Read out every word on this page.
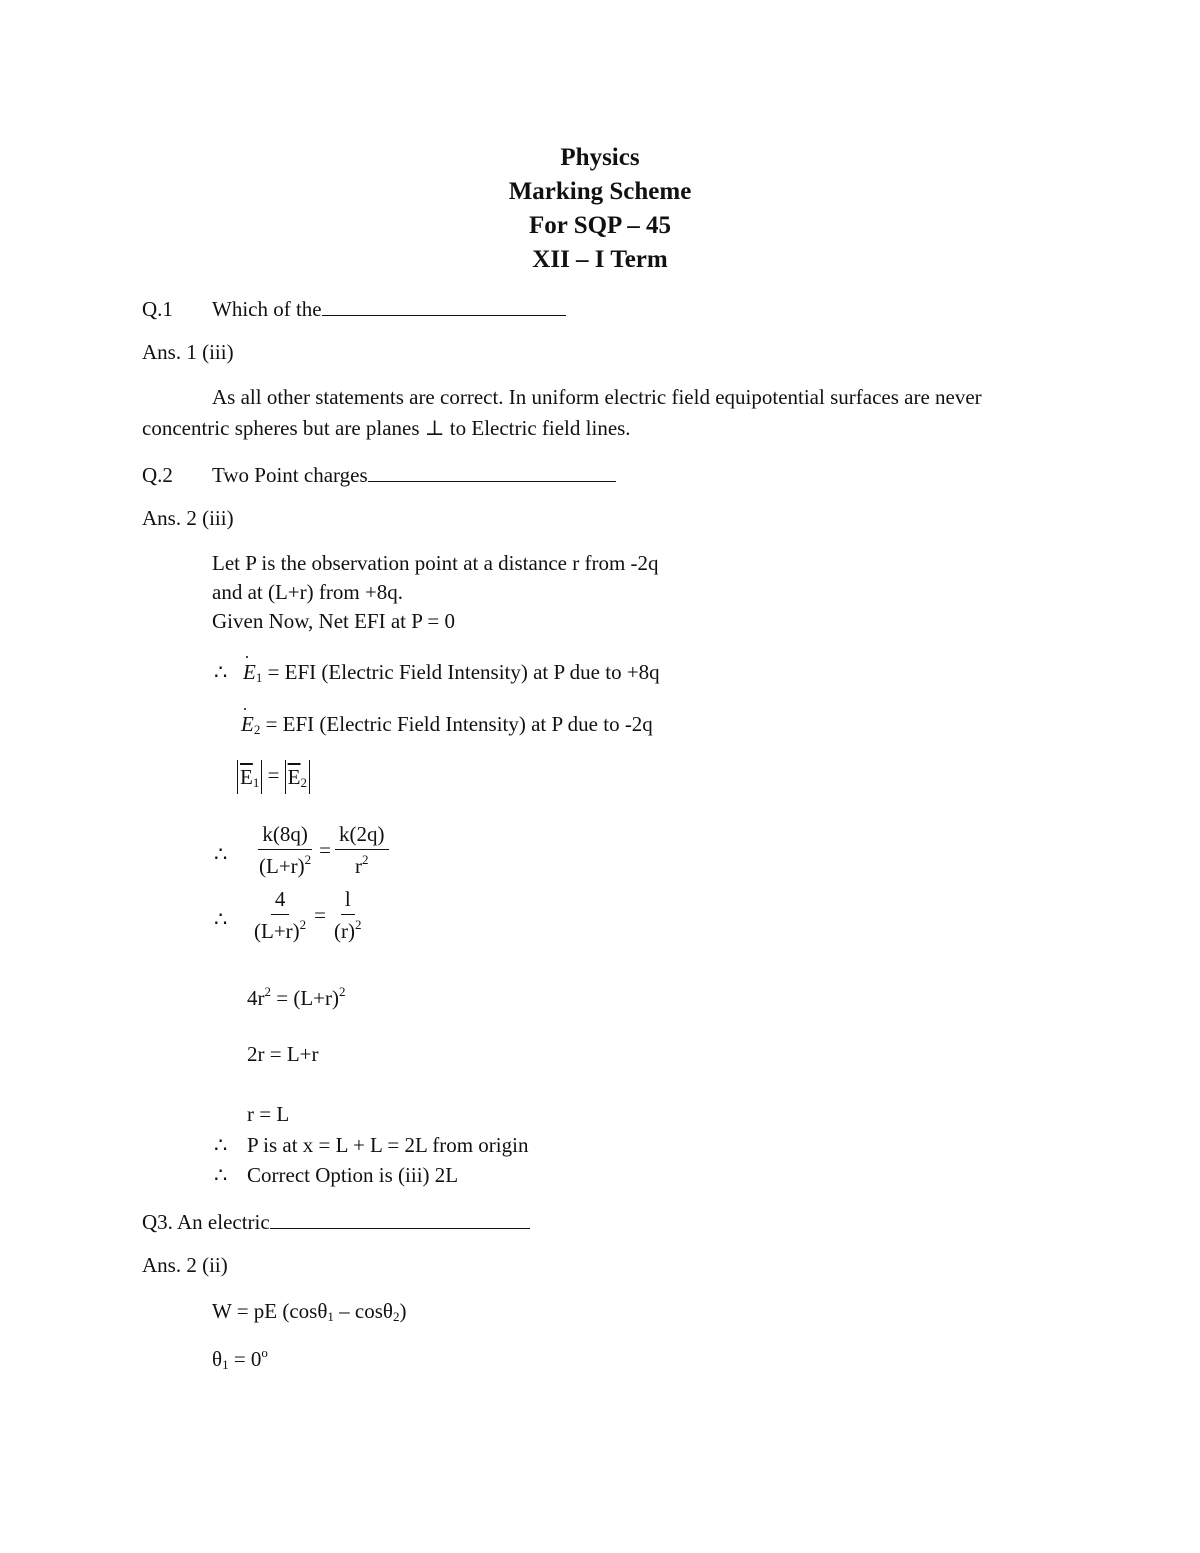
Physics
Marking Scheme
For SQP – 45
XII – I Term
Q.1 Which of the
Ans. 1 (iii)
As all other statements are correct. In uniform electric field equipotential surfaces are never
concentric spheres but are planes ⊥ to Electric field lines.
Q.2 Two Point charges
Ans. 2 (iii)
Let P is the observation point at a distance r from -2q
and at (L+r) from +8q.
Given Now, Net EFI at P = 0
∴ $E_1$ = EFI (Electric Field Intensity) at P due to +8q
$E_2$ = EFI (Electric Field Intensity) at P due to -2q
$\overline{E}_1 = \overline{E}_2$
∴ $\frac{k(8q)}{(L+r)^2} = \frac{k(2q)}{r^2}$
∴ $\frac{4}{(L+r)^2} = \frac{l}{(r)^2}$
$4r^2 = (L+r)^2$
2r = L+r
r = L
∴ P is at x = L + L = 2L from origin
∴ Correct Option is (iii) 2L
Q3. An electric
Ans. 2 (ii)
W = pE (cosθ$_1$ – cosθ$_2$)
$\theta_1 = 0^o$
